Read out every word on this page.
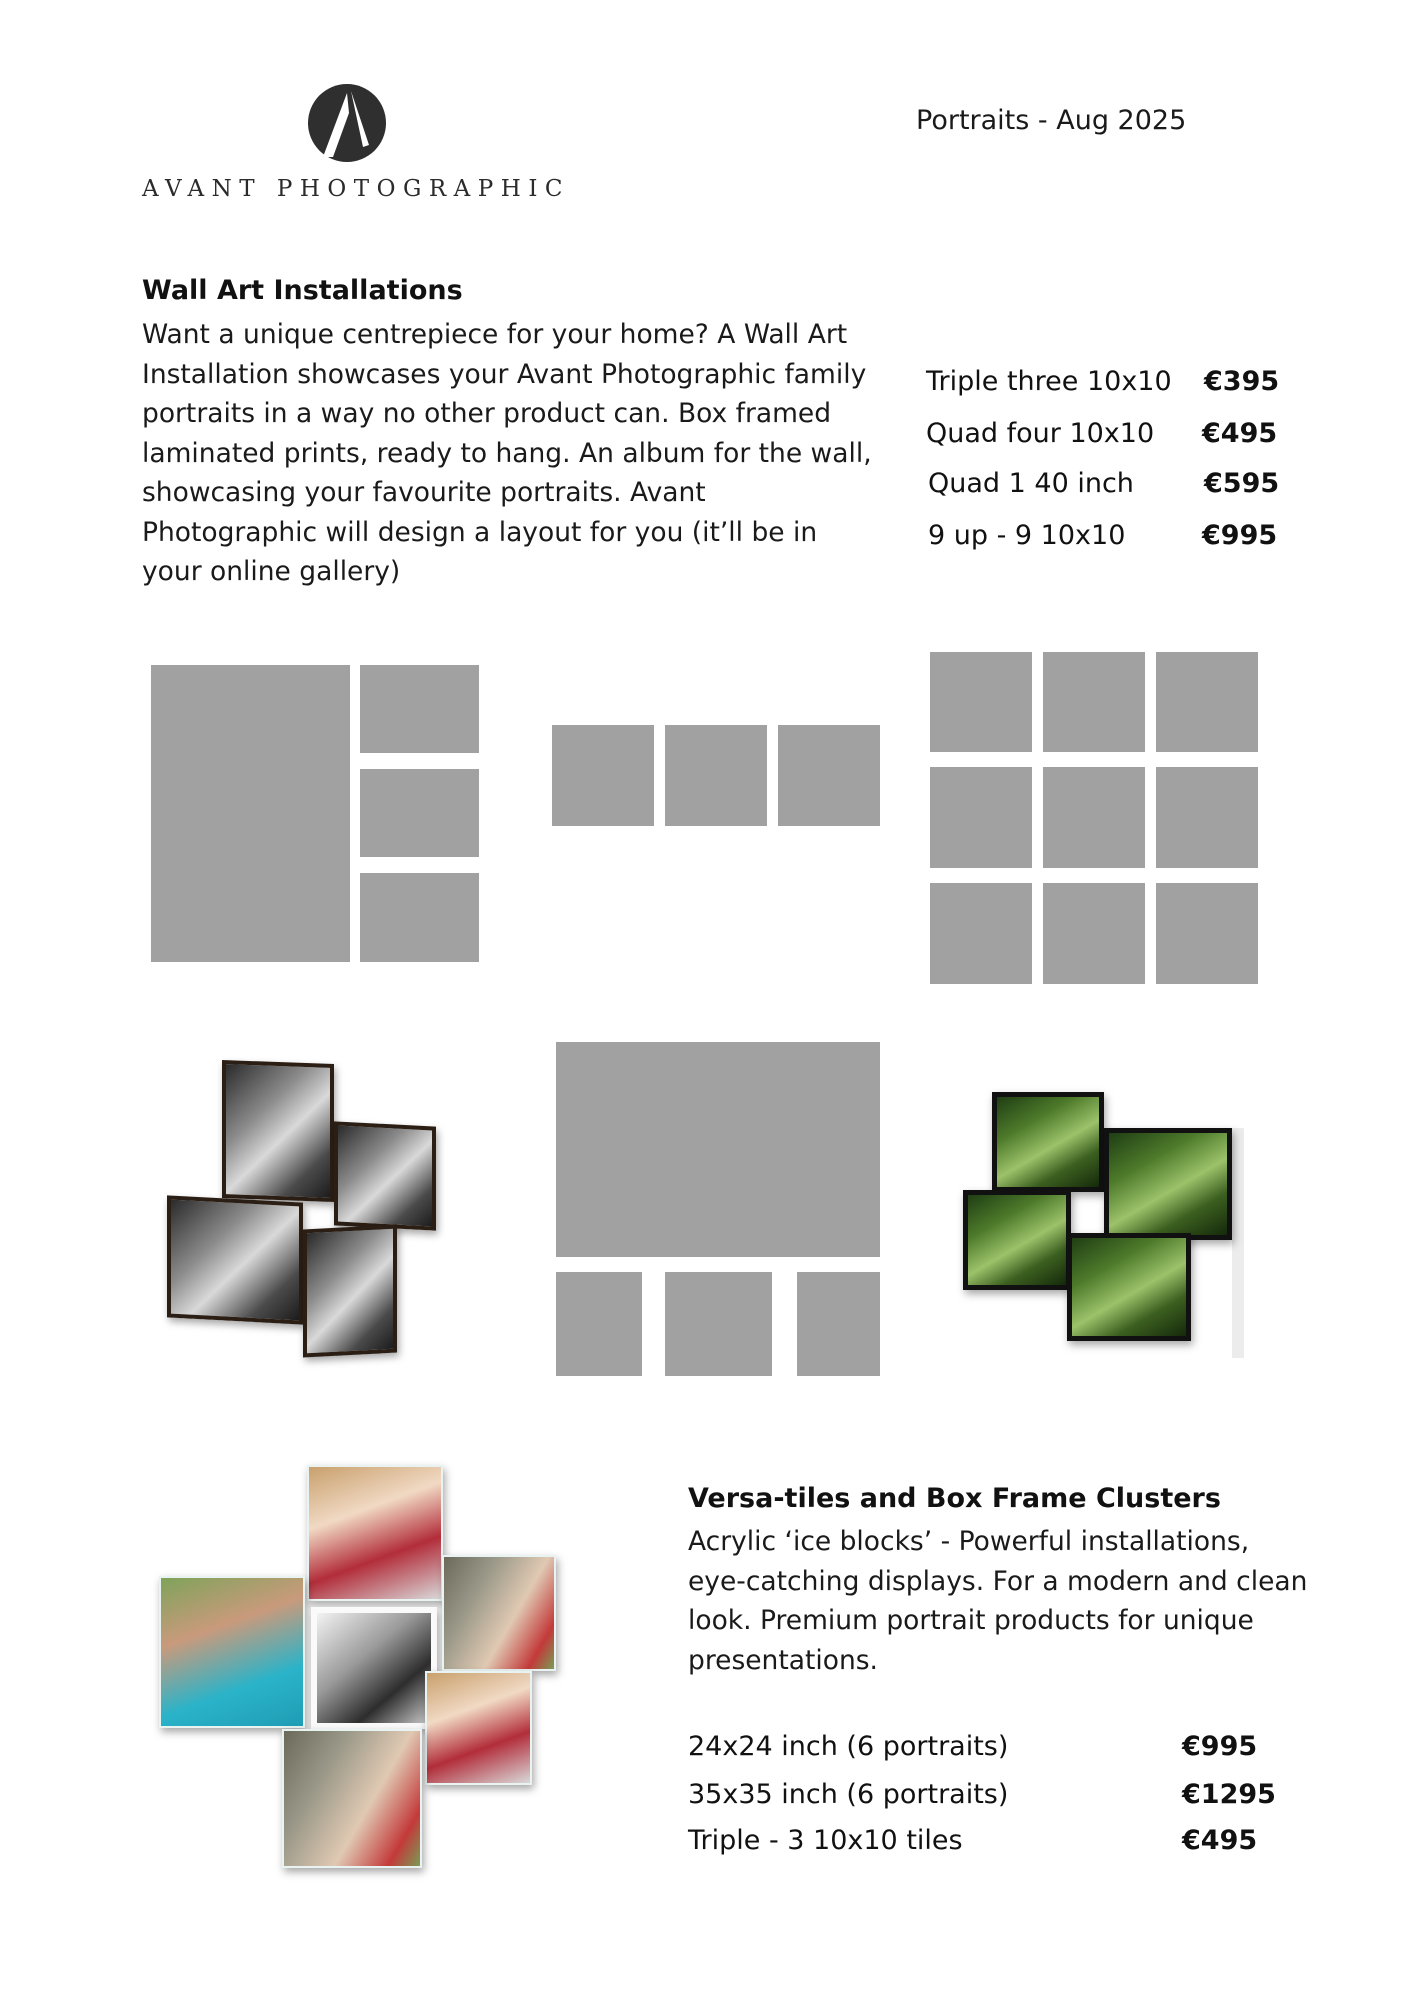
AVANT PHOTOGRAPHIC
Portraits - Aug 2025
Wall Art Installations
Want a unique centrepiece for your home? A Wall Art Installation showcases your Avant Photographic family portraits in a way no other product can. Box framed laminated prints, ready to hang. An album for the wall, showcasing your favourite portraits. Avant Photographic will design a layout for you (it’ll be in your online gallery)
Triple three 10x10 €395
Quad four 10x10 €495
Quad 1 40 inch	€595
9 up - 9 10x10	€995
Versa-tiles and Box Frame Clusters
Acrylic ‘ice blocks’ - Powerful installations, eye-catching displays. For a modern and clean look. Premium portrait products for unique presentations.
24x24 inch (6 portraits)	€995
35x35 inch (6 portraits)	€1295
Triple - 3 10x10 tiles	€495
